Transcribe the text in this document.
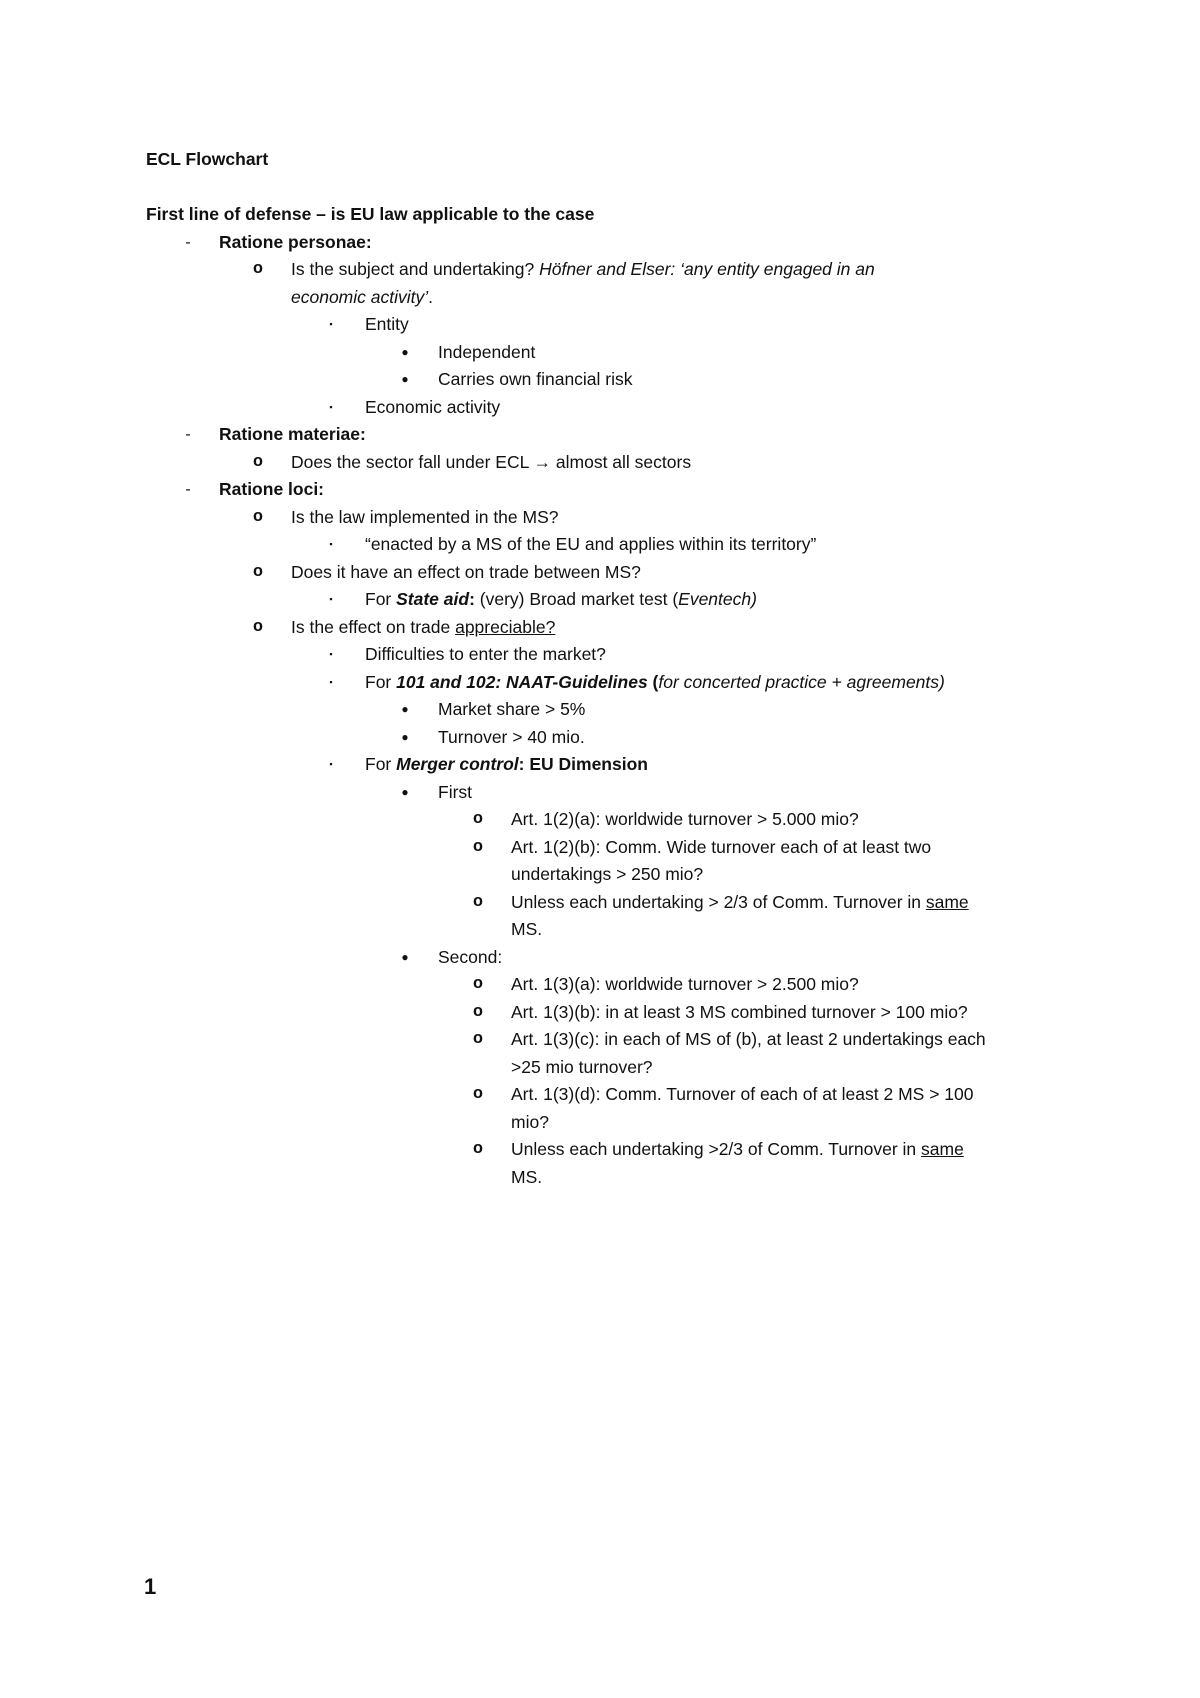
ECL Flowchart
First line of defense – is EU law applicable to the case
-	Ratione personae:
o Is the subject and undertaking? Höfner and Elser: ‘any entity engaged in an
economic activity’.
▪	Entity
●	Independent
●	Carries own financial risk
▪	Economic activity
-	Ratione materiae:
o Does the sector fall under ECL → almost all sectors
-	Ratione loci:
o Is the law implemented in the MS?
▪	“enacted by a MS of the EU and applies within its territory”
o Does it have an effect on trade between MS?
▪	For State aid: (very) Broad market test (Eventech)
o Is the effect on trade appreciable?
▪	Difficulties to enter the market?
▪	For 101 and 102: NAAT-Guidelines (for concerted practice + agreements)
●	Market share > 5%
●	Turnover > 40 mio.
▪	For Merger control: EU Dimension
●	First
o Art. 1(2)(a): worldwide turnover > 5.000 mio?
o Art. 1(2)(b): Comm. Wide turnover each of at least two
undertakings > 250 mio?
o Unless each undertaking > 2/3 of Comm. Turnover in same
MS.
●	Second:
o Art. 1(3)(a): worldwide turnover > 2.500 mio?
o Art. 1(3)(b): in at least 3 MS combined turnover > 100 mio?
o Art. 1(3)(c): in each of MS of (b), at least 2 undertakings each
>25 mio turnover?
o Art. 1(3)(d): Comm. Turnover of each of at least 2 MS > 100
mio?
o Unless each undertaking >2/3 of Comm. Turnover in same
MS.
1
